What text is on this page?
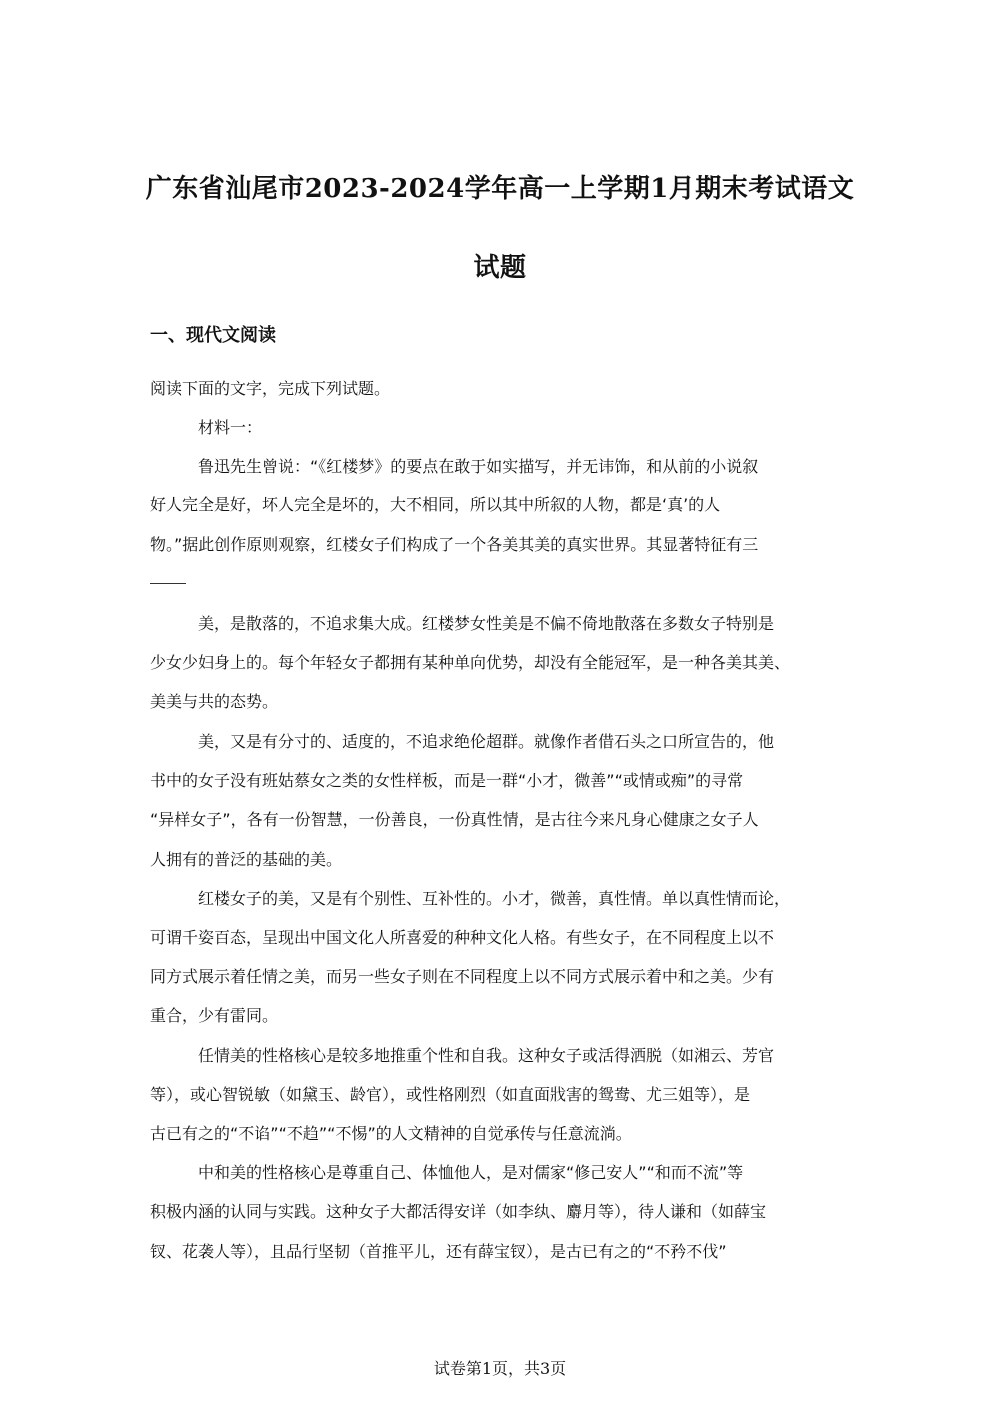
广东省汕尾市2023-2024学年高一上学期1月期末考试语文
试题
一、现代文阅读
阅读下面的文字，完成下列试题。
材料一：
鲁迅先生曾说：“《红楼梦》的要点在敢于如实描写，并无讳饰，和从前的小说叙
好人完全是好，坏人完全是坏的，大不相同，所以其中所叙的人物，都是‘真’的人
物。”据此创作原则观察，红楼女子们构成了一个各美其美的真实世界。其显著特征有三
美，是散落的，不追求集大成。红楼梦女性美是不偏不倚地散落在多数女子特别是
少女少妇身上的。每个年轻女子都拥有某种单向优势，却没有全能冠军，是一种各美其美、
美美与共的态势。
美，又是有分寸的、适度的，不追求绝伦超群。就像作者借石头之口所宣告的，他
书中的女子没有班姑蔡女之类的女性样板，而是一群“小才，微善”“或情或痴”的寻常
“异样女子”，各有一份智慧，一份善良，一份真性情，是古往今来凡身心健康之女子人
人拥有的普泛的基础的美。
红楼女子的美，又是有个别性、互补性的。小才，微善，真性情。单以真性情而论，
可谓千姿百态，呈现出中国文化人所喜爱的种种文化人格。有些女子，在不同程度上以不
同方式展示着任情之美，而另一些女子则在不同程度上以不同方式展示着中和之美。少有
重合，少有雷同。
任情美的性格核心是较多地推重个性和自我。这种女子或活得洒脱（如湘云、芳官
等），或心智锐敏（如黛玉、龄官），或性格刚烈（如直面戕害的鸳鸯、尤三姐等），是
古已有之的“不谄”“不趋”“不惕”的人文精神的自觉承传与任意流淌。
中和美的性格核心是尊重自己、体恤他人，是对儒家“修己安人”“和而不流”等
积极内涵的认同与实践。这种女子大都活得安详（如李纨、麝月等），待人谦和（如薛宝
钗、花袭人等），且品行坚韧（首推平儿，还有薛宝钗），是古已有之的“不矜不伐”
试卷第1页，共3页
